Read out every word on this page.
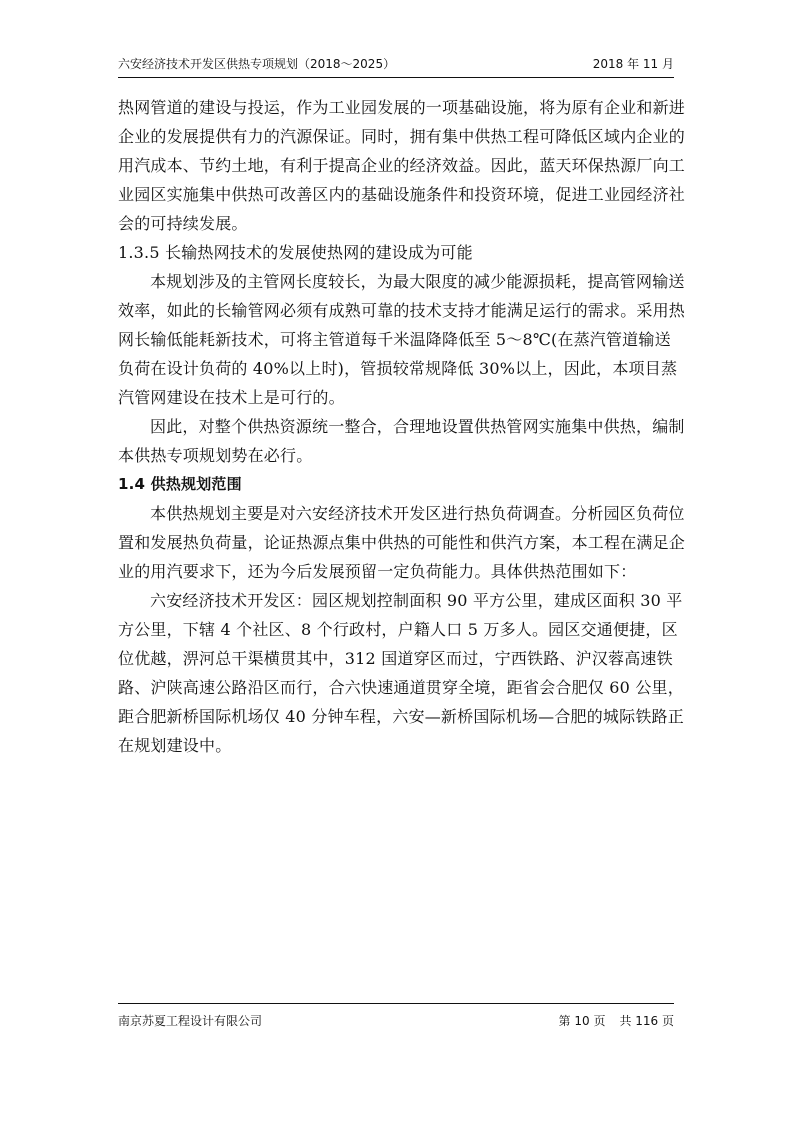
六安经济技术开发区供热专项规划（2018～2025）	2018 年 11 月

热网管道的建设与投运，作为工业园发展的一项基础设施，将为原有企业和新进企业的发展提供有力的汽源保证。同时，拥有集中供热工程可降低区域内企业的用汽成本、节约土地，有利于提高企业的经济效益。因此，蓝天环保热源厂向工业园区实施集中供热可改善区内的基础设施条件和投资环境，促进工业园经济社会的可持续发展。

1.3.5 长输热网技术的发展使热网的建设成为可能

本规划涉及的主管网长度较长，为最大限度的减少能源损耗，提高管网输送效率，如此的长输管网必须有成熟可靠的技术支持才能满足运行的需求。采用热网长输低能耗新技术，可将主管道每千米温降降低至 5～8℃(在蒸汽管道输送负荷在设计负荷的 40%以上时)，管损较常规降低 30%以上，因此，本项目蒸汽管网建设在技术上是可行的。

因此，对整个供热资源统一整合，合理地设置供热管网实施集中供热，编制本供热专项规划势在必行。

1.4 供热规划范围

本供热规划主要是对六安经济技术开发区进行热负荷调查。分析园区负荷位置和发展热负荷量，论证热源点集中供热的可能性和供汽方案，本工程在满足企业的用汽要求下，还为今后发展预留一定负荷能力。具体供热范围如下：

六安经济技术开发区：园区规划控制面积 90 平方公里，建成区面积 30 平方公里，下辖 4 个社区、8 个行政村，户籍人口 5 万多人。园区交通便捷，区位优越，淠河总干渠横贯其中，312 国道穿区而过，宁西铁路、沪汉蓉高速铁路、沪陕高速公路沿区而行，合六快速通道贯穿全境，距省会合肥仅 60 公里，距合肥新桥国际机场仅 40 分钟车程，六安—新桥国际机场—合肥的城际铁路正在规划建设中。

南京苏夏工程设计有限公司	第 10 页 共 116 页
